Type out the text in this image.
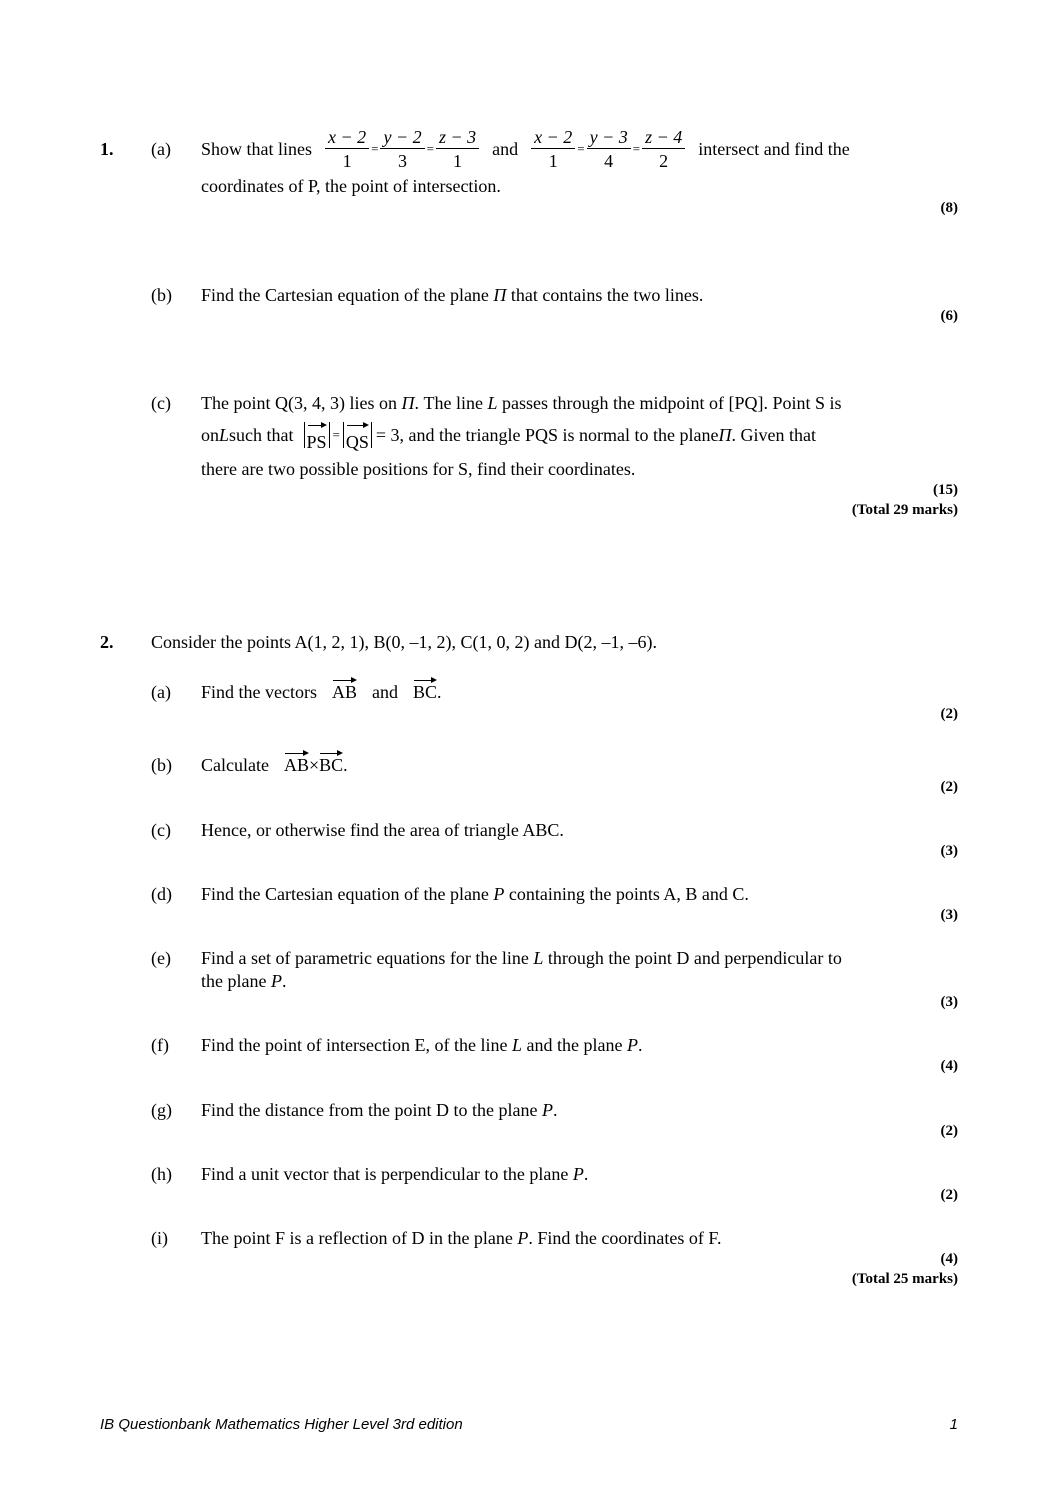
1. (a) Show that lines $\frac{x - 2}{1} = \frac{y - 2}{3} = \frac{z - 3}{1}$ and $\frac{x - 2}{1} = \frac{y - 3}{4} = \frac{z - 4}{2}$ intersect and find the
coordinates of P, the point of intersection.
(8)
(b) Find the Cartesian equation of the plane Π that contains the two lines.
(6)
(c) The point Q(3, 4, 3) lies on Π. The line L passes through the midpoint of [PQ]. Point S is
on L such that PS = QS = 3, and the triangle PQS is normal to the plane Π . Given that
there are two possible positions for S, find their coordinates.
(15)
(Total 29 marks)
2. Consider the points A(1, 2, 1), B(0, –1, 2), C(1, 0, 2) and D(2, –1, –6).
(a) Find the vectors AB and BC.
(2)
(b) Calculate AB×BC.
(2)
(c) Hence, or otherwise find the area of triangle ABC.
(3)
(d) Find the Cartesian equation of the plane P containing the points A, B and C.
(3)
(e) Find a set of parametric equations for the line L through the point D and perpendicular to
the plane P.
(3)
(f) Find the point of intersection E, of the line L and the plane P.
(4)
(g) Find the distance from the point D to the plane P.
(2)
(h) Find a unit vector that is perpendicular to the plane P.
(2)
(i) The point F is a reflection of D in the plane P. Find the coordinates of F.
(4)
(Total 25 marks)
IB Questionbank Mathematics Higher Level 3rd edition	1
